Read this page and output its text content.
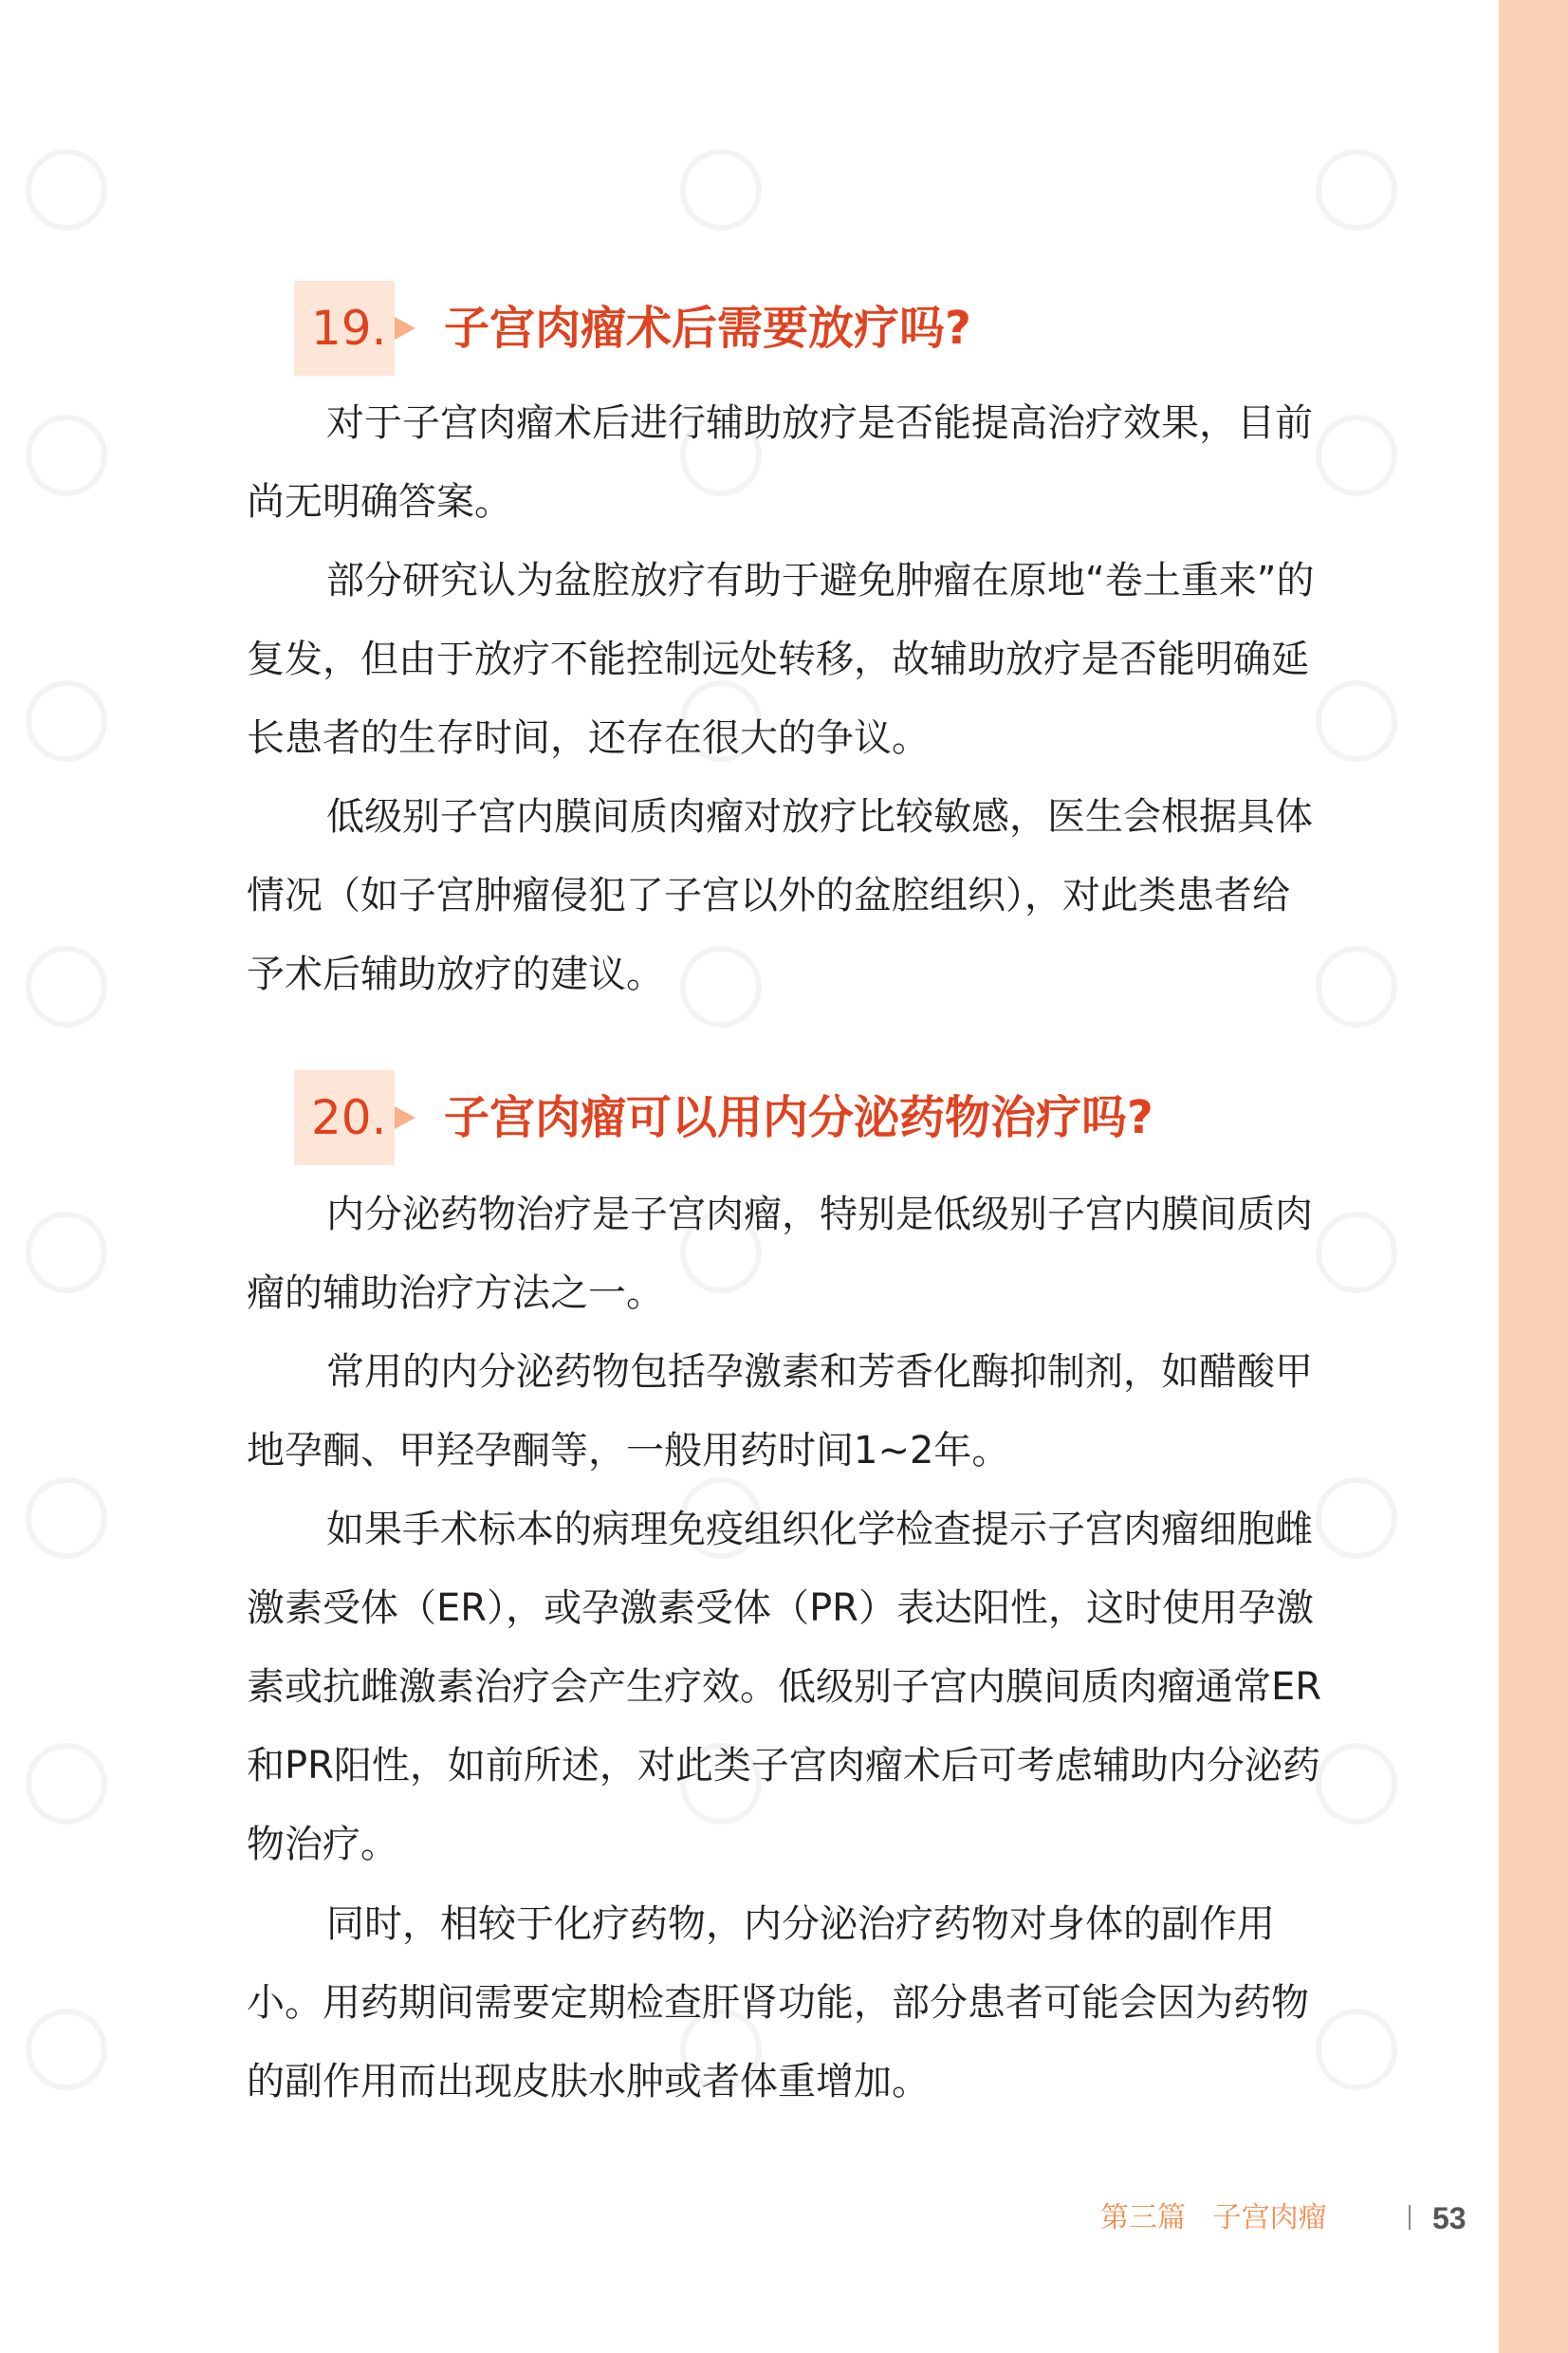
19. 子宫肉瘤术后需要放疗吗?

对于子宫肉瘤术后进行辅助放疗是否能提高治疗效果，目前尚无明确答案。

部分研究认为盆腔放疗有助于避免肿瘤在原地“卷土重来”的复发，但由于放疗不能控制远处转移，故辅助放疗是否能明确延长患者的生存时间，还存在很大的争议。

低级别子宫内膜间质肉瘤对放疗比较敏感，医生会根据具体情况（如子宫肿瘤侵犯了子宫以外的盆腔组织），对此类患者给予术后辅助放疗的建议。

20. 子宫肉瘤可以用内分泌药物治疗吗?

内分泌药物治疗是子宫肉瘤，特别是低级别子宫内膜间质肉瘤的辅助治疗方法之一。

常用的内分泌药物包括孕激素和芳香化酶抑制剂，如醋酸甲地孕酮、甲羟孕酮等，一般用药时间1~2年。

如果手术标本的病理免疫组织化学检查提示子宫肉瘤细胞雌激素受体（ER），或孕激素受体（PR）表达阳性，这时使用孕激素或抗雌激素治疗会产生疗效。低级别子宫内膜间质肉瘤通常ER和PR阳性，如前所述，对此类子宫肉瘤术后可考虑辅助内分泌药物治疗。

同时，相较于化疗药物，内分泌治疗药物对身体的副作用小。用药期间需要定期检查肝肾功能，部分患者可能会因为药物的副作用而出现皮肤水肿或者体重增加。

第三篇 子宫肉瘤	53
